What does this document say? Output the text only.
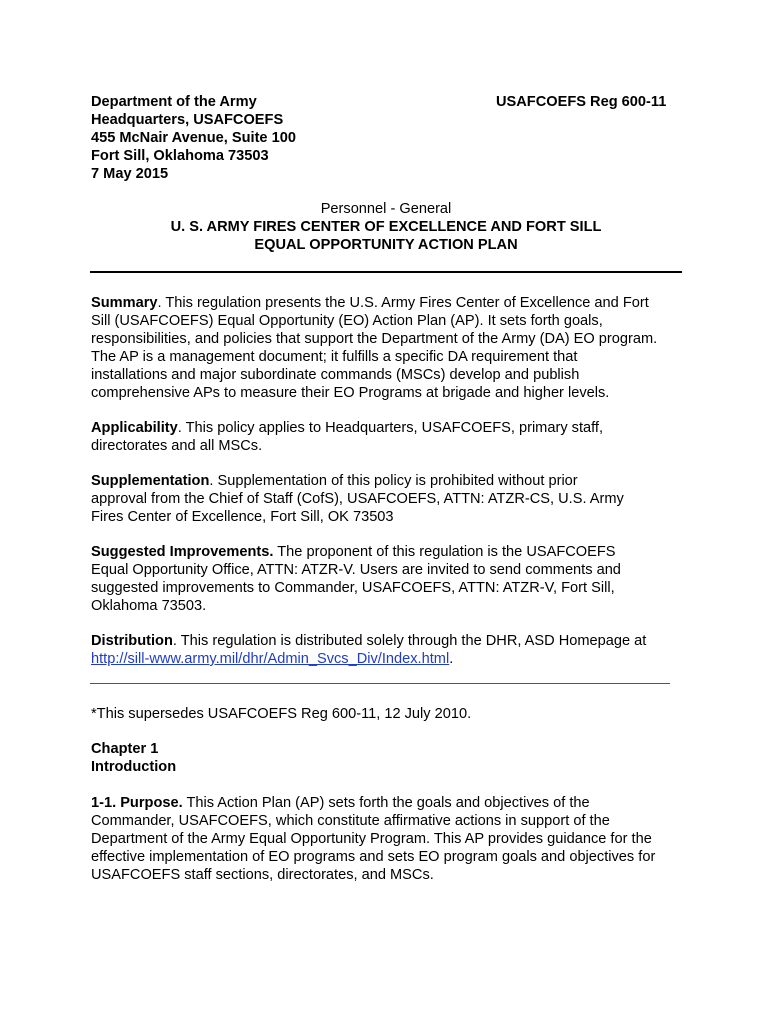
Department of the Army
Headquarters, USAFCOEFS
455 McNair Avenue, Suite 100
Fort Sill, Oklahoma 73503
7 May 2015
USAFCOEFS Reg 600-11
Personnel - General
U. S. ARMY FIRES CENTER OF EXCELLENCE AND FORT SILL
EQUAL OPPORTUNITY ACTION PLAN
Summary. This regulation presents the U.S. Army Fires Center of Excellence and Fort
Sill (USAFCOEFS) Equal Opportunity (EO) Action Plan (AP). It sets forth goals,
responsibilities, and policies that support the Department of the Army (DA) EO program.
The AP is a management document; it fulfills a specific DA requirement that
installations and major subordinate commands (MSCs) develop and publish
comprehensive APs to measure their EO Programs at brigade and higher levels.
Applicability. This policy applies to Headquarters, USAFCOEFS, primary staff,
directorates and all MSCs.
Supplementation. Supplementation of this policy is prohibited without prior
approval from the Chief of Staff (CofS), USAFCOEFS, ATTN: ATZR-CS, U.S. Army
Fires Center of Excellence, Fort Sill, OK 73503
Suggested Improvements. The proponent of this regulation is the USAFCOEFS
Equal Opportunity Office, ATTN: ATZR-V. Users are invited to send comments and
suggested improvements to Commander, USAFCOEFS, ATTN: ATZR-V, Fort Sill,
Oklahoma 73503.
Distribution. This regulation is distributed solely through the DHR, ASD Homepage at
http://sill-www.army.mil/dhr/Admin_Svcs_Div/Index.html.
*This supersedes USAFCOEFS Reg 600-11, 12 July 2010.
Chapter 1
Introduction
1-1. Purpose. This Action Plan (AP) sets forth the goals and objectives of the
Commander, USAFCOEFS, which constitute affirmative actions in support of the
Department of the Army Equal Opportunity Program. This AP provides guidance for the
effective implementation of EO programs and sets EO program goals and objectives for
USAFCOEFS staff sections, directorates, and MSCs.
